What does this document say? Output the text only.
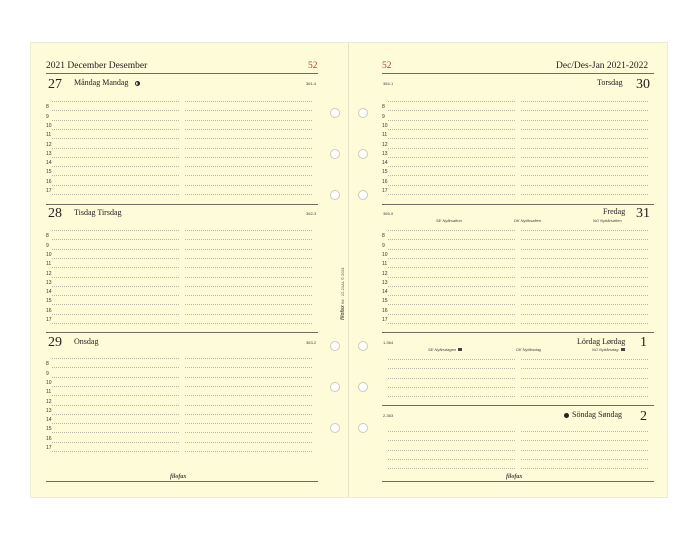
2021 December Desember	52
27 Måndag Mandag	361-4
28 Tisdag Tirsdag	362-3
29 Onsdag	363-2
filofax
filofax 6d · 22-21AL © 2021
52	Dec/Des-Jan 2021-2022
364-1	Torsdag 30
365-0	Fredag 31
SE Nyårsafton	DK Nytårsaften	NO Nyttårsaften
1-364	Lördag Lørdag 1
SE Nyårsdagen	DK Nytårsdag	NO Nyttårsdag
2-363	Söndag Søndag 2
filofax
8
9
10
11
12
13
14
15
16
17
8
9
10
11
12
13
14
15
16
17
8
9
10
11
12
13
14
15
16
17
8
9
10
11
12
13
14
15
16
17
8
9
10
11
12
13
14
15
16
17
